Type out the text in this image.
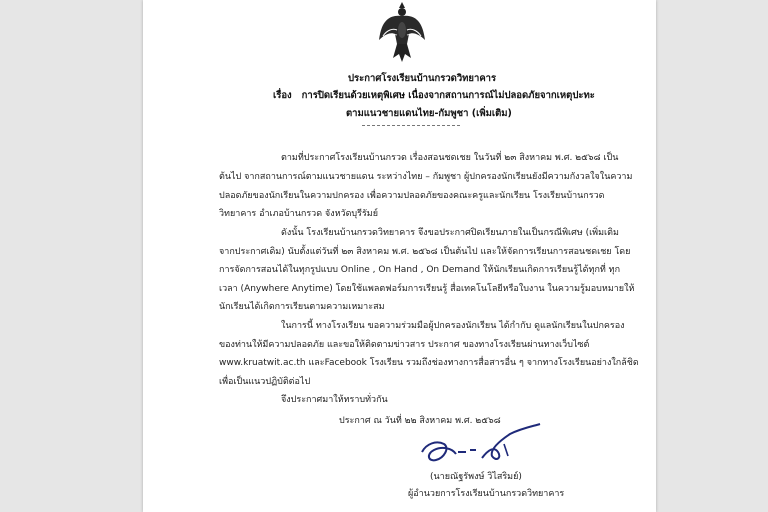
ประกาศโรงเรียนบ้านกรวดวิทยาคาร
เรื่อง การปิดเรียนด้วยเหตุพิเศษ เนื่องจากสถานการณ์ไม่ปลอดภัยจากเหตุปะทะ
ตามแนวชายแดนไทย-กัมพูชา (เพิ่มเติม)
ตามที่ประกาศโรงเรียนบ้านกรวด เรื่องสอนชดเชย ในวันที่ ๒๓ สิงหาคม พ.ศ. ๒๕๖๘ เป็น
ต้นไป จากสถานการณ์ตามแนวชายแดน ระหว่างไทย – กัมพูชา ผู้ปกครองนักเรียนยังมีความกังวลใจในความ
ปลอดภัยของนักเรียนในความปกครอง เพื่อความปลอดภัยของคณะครูและนักเรียน โรงเรียนบ้านกรวด
วิทยาคาร อำเภอบ้านกรวด จังหวัดบุรีรัมย์
ดังนั้น โรงเรียนบ้านกรวดวิทยาคาร จึงขอประกาศปิดเรียนภายในเป็นกรณีพิเศษ (เพิ่มเติม
จากประกาศเดิม) นับตั้งแต่วันที่ ๒๓ สิงหาคม พ.ศ. ๒๕๖๘ เป็นต้นไป และให้จัดการเรียนการสอนชดเชย โดย
การจัดการสอนได้ในทุกรูปแบบ Online , On Hand , On Demand ให้นักเรียนเกิดการเรียนรู้ได้ทุกที่ ทุก
เวลา (Anywhere Anytime) โดยใช้แพลตฟอร์มการเรียนรู้ สื่อเทคโนโลยีหรือใบงาน ในความรู้มอบหมายให้
นักเรียนได้เกิดการเรียนตามความเหมาะสม
ในการนี้ ทางโรงเรียน ขอความร่วมมือผู้ปกครองนักเรียน ได้กำกับ ดูแลนักเรียนในปกครอง
ของท่านให้มีความปลอดภัย และขอให้ติดตามข่าวสาร ประกาศ ของทางโรงเรียนผ่านทางเว็บไซต์
www.kruatwit.ac.th และFacebook โรงเรียน รวมถึงช่องทางการสื่อสารอื่น ๆ จากทางโรงเรียนอย่างใกล้ชิด
เพื่อเป็นแนวปฏิบัติต่อไป
จึงประกาศมาให้ทราบทั่วกัน
ประกาศ ณ วันที่ ๒๒ สิงหาคม พ.ศ. ๒๕๖๘
(นายณัฐรัพงษ์ วิไสริมย์)
ผู้อำนวยการโรงเรียนบ้านกรวดวิทยาคาร
